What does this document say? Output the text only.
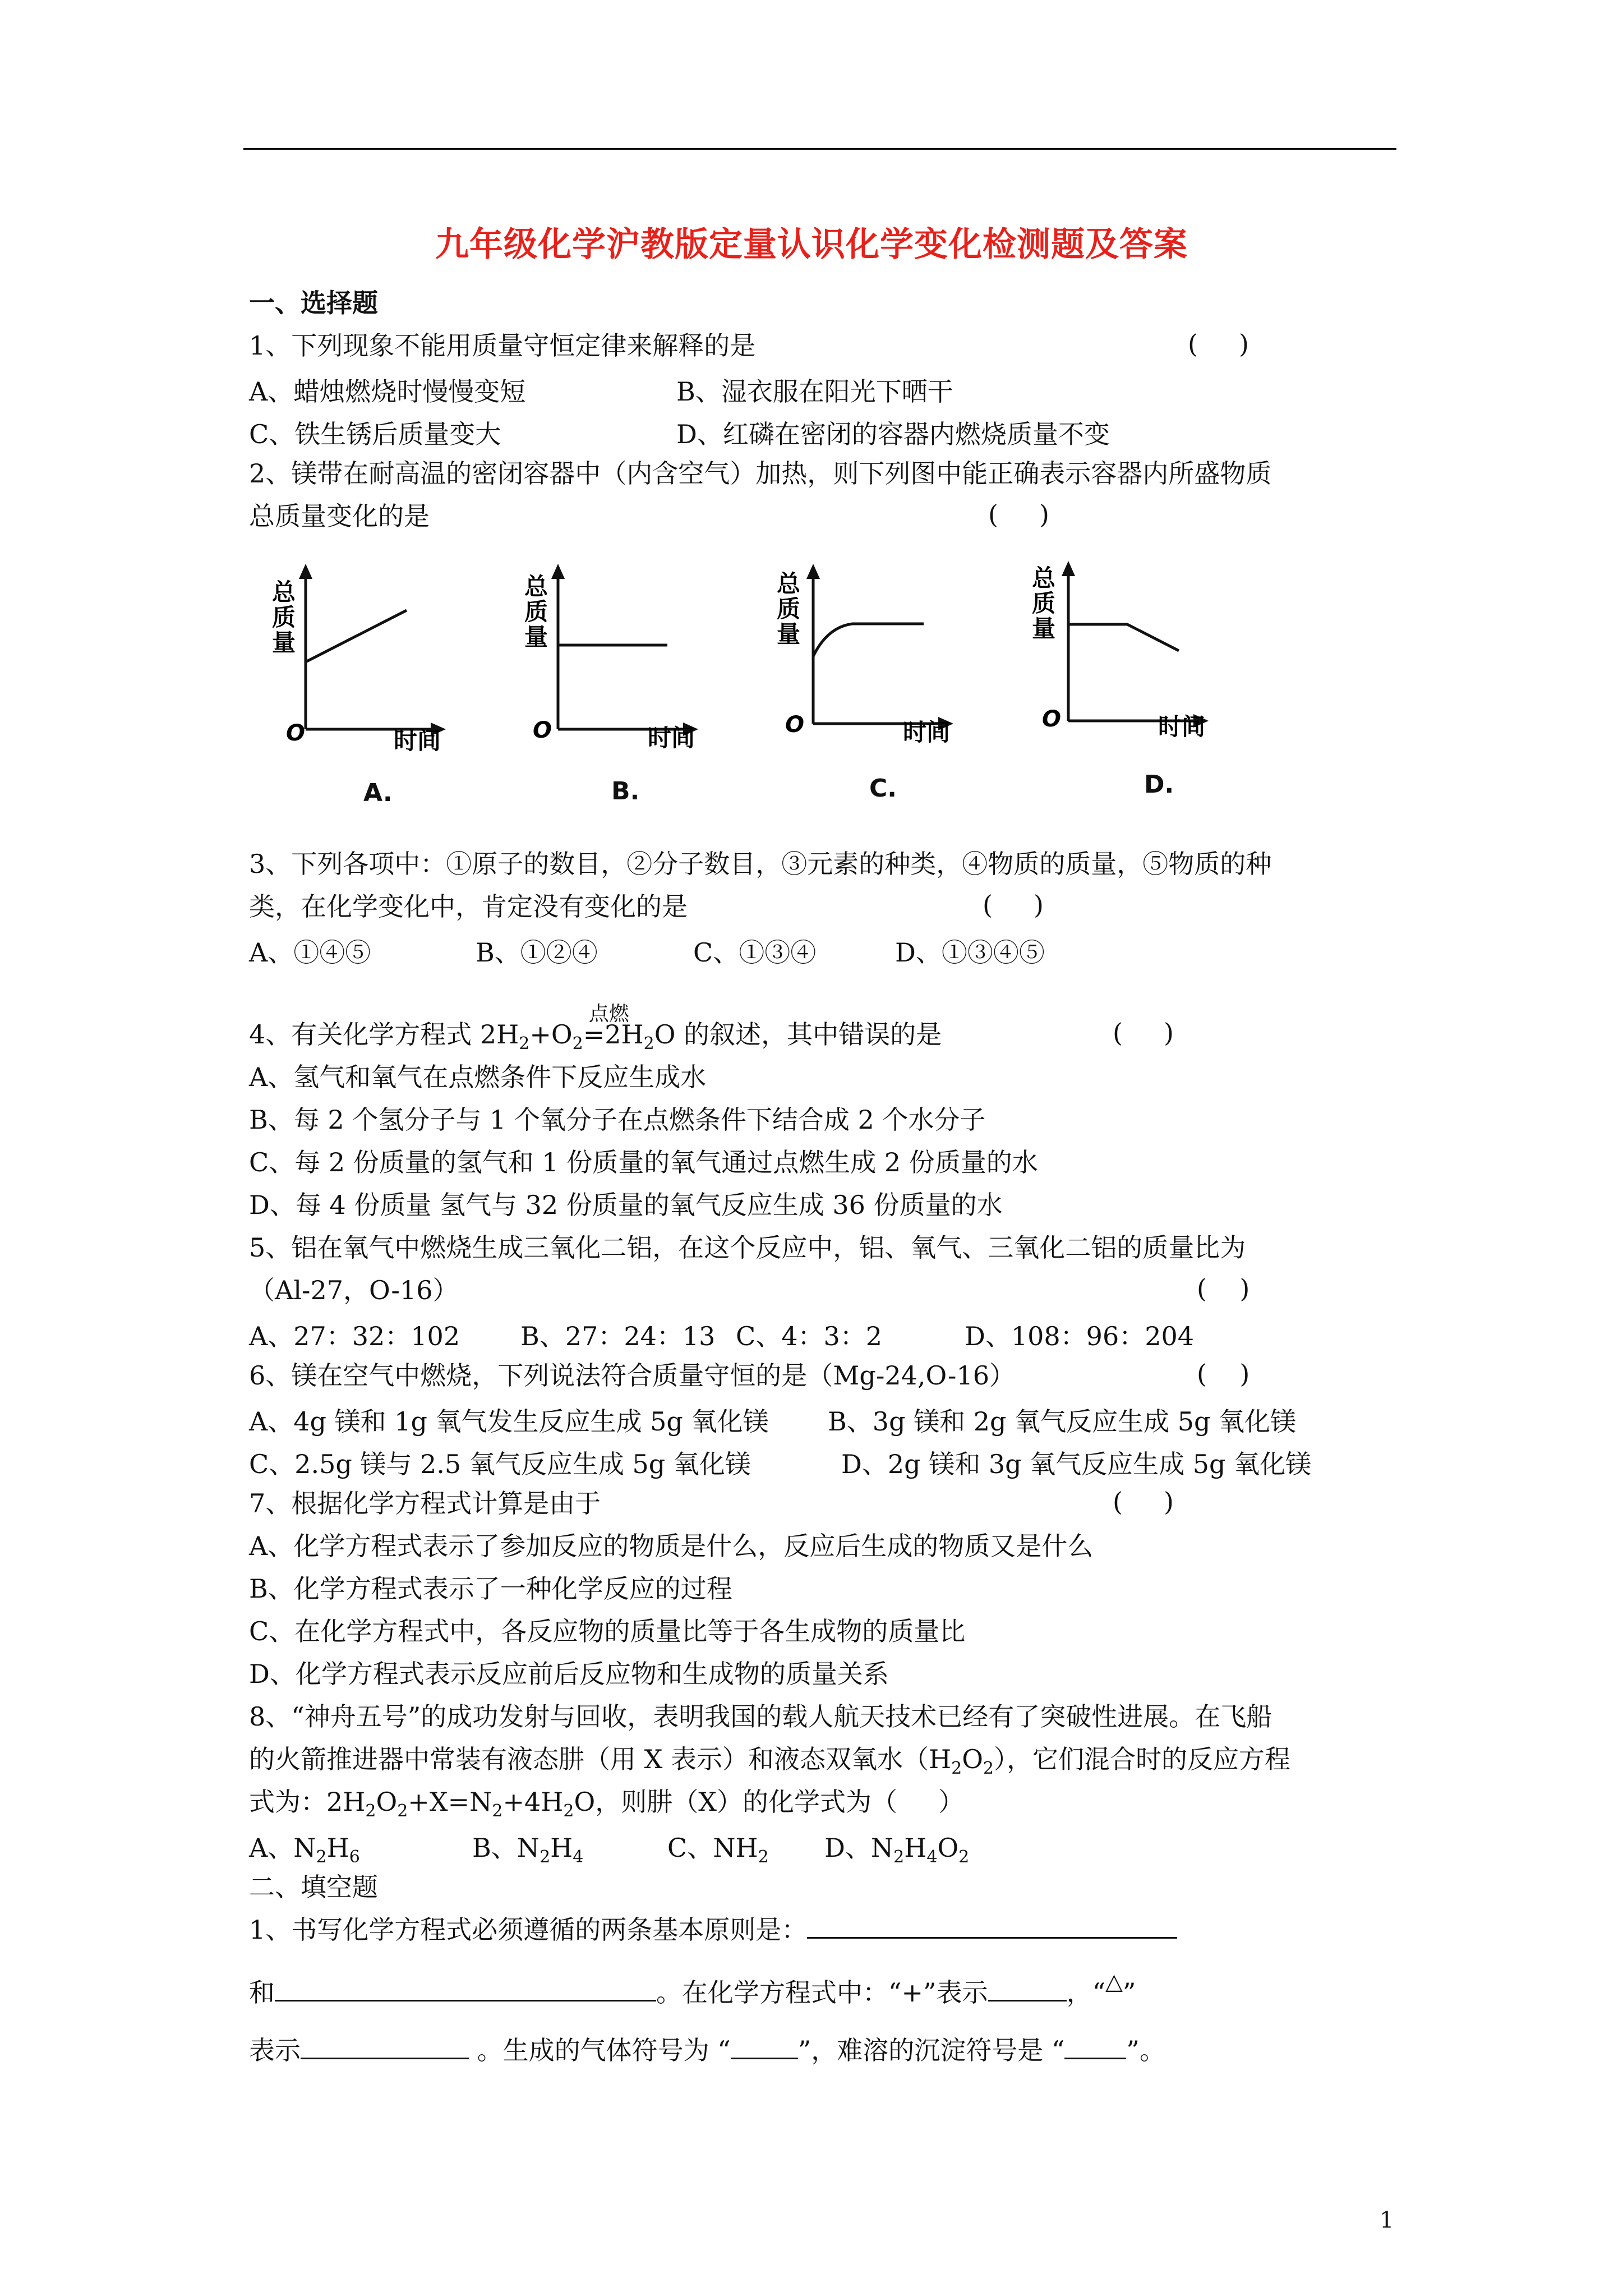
九年级化学沪教版定量认识化学变化检测题及答案
一、选择题
1、下列现象不能用质量守恒定律来解释的是	(     )
A、蜡烛燃烧时慢慢变短	B、湿衣服在阳光下晒干
C、铁生锈后质量变大	D、红磷在密闭的容器内燃烧质量不变
2、镁带在耐高温的密闭容器中（内含空气）加热，则下列图中能正确表示容器内所盛物质
总质量变化的是	(     )
总
质
量
O	时间
A.
总
质
量
O	时间
B.
总
质
量
O	时间
C.
总
质
量
O	时间
D.
3、下列各项中：①原子的数目，②分子数目，③元素的种类，④物质的质量，⑤物质的种
类，在化学变化中，肯定没有变化的是	(     )
A、①④⑤	B、①②④	C、①③④	D、①③④⑤
4、有关化学方程式 $2H_2+O_2$
点燃
$=2H_2O$ 的叙述，其中错误的是	(     )
A、氢气和氧气在点燃条件下反应生成水
B、每 2 个氢分子与 1 个氧分子在点燃条件下结合成 2 个水分子
C、每 2 份质量的氢气和 1 份质量的氧气通过点燃生成 2 份质量的水
D、每 4 份质量 氢气与 32 份质量的氧气反应生成 36 份质量的水
5、铝在氧气中燃烧生成三氧化二铝，在这个反应中，铝、氧气、三氧化二铝的质量比为
（Al-27，O-16）	(    )
A、27：32：102 B、27：24：13 C、4：3：2	D、108：96：204
6、镁在空气中燃烧，下列说法符合质量守恒的是（Mg-24,O-16）	(    )
A、4g 镁和 1g 氧气发生反应生成 5g 氧化镁 B、3g 镁和 2g 氧气反应生成 5g 氧化镁
C、2.5g 镁与 2.5 氧气反应生成 5g 氧化镁	D、2g 镁和 3g 氧气反应生成 5g 氧化镁
7、根据化学方程式计算是由于	(     )
A、化学方程式表示了参加反应的物质是什么，反应后生成的物质又是什么
B、化学方程式表示了一种化学反应的过程
C、在化学方程式中，各反应物的质量比等于各生成物的质量比
D、化学方程式表示反应前后反应物和生成物的质量关系
8、“神舟五号”的成功发射与回收，表明我国的载人航天技术已经有了突破性进展。在飞船
的火箭推进器中常装有液态肼（用 X 表示）和液态双氧水$(H_2O_2)$，它们混合时的反应方程
式为：$2H_2O_2+X=N_2+4H_2O$，则肼（X）的化学式为（     ）
A、$N_2H_6$	B、$N_2H_4$	C、$NH_2$ D、$N_2H_4O_2$
二、填空题
1、书写化学方程式必须遵循的两条基本原则是：
和	。在化学方程式中：“+”表示	，“△”
表示	。生成的气体符号为 “	”，难溶的沉淀符号是 “ ”。
1
